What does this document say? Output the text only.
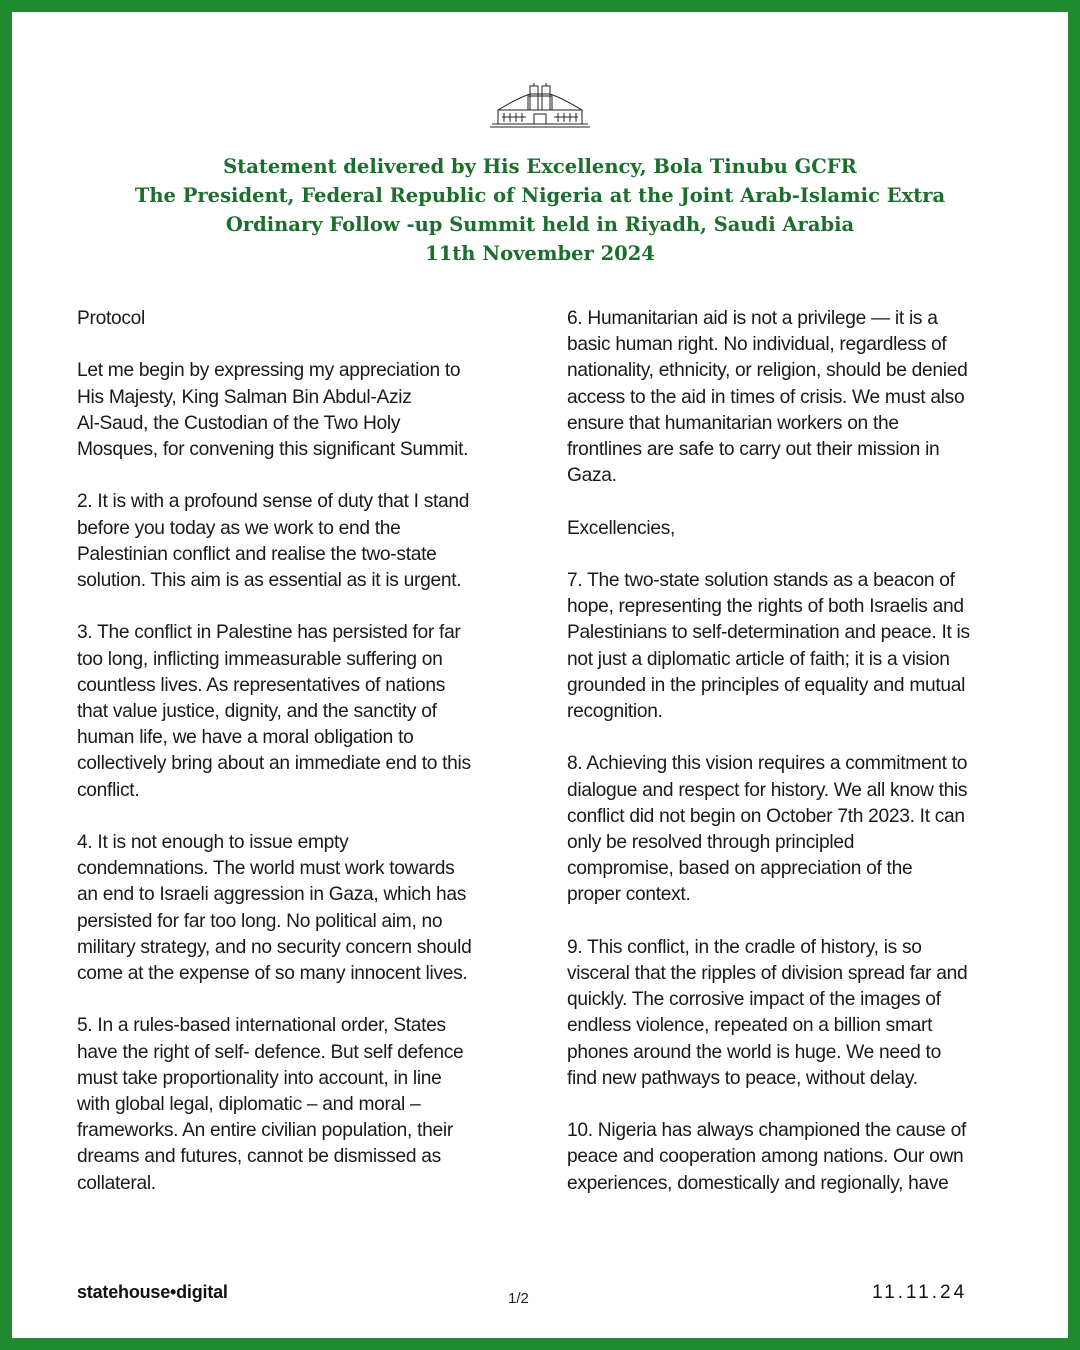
Statement delivered by His Excellency, Bola Tinubu GCFR
The President, Federal Republic of Nigeria at the Joint Arab-Islamic Extra
Ordinary Follow -up Summit held in Riyadh, Saudi Arabia
11th November 2024

Protocol

Let me begin by expressing my appreciation to
His Majesty, King Salman Bin Abdul-Aziz
Al-Saud, the Custodian of the Two Holy
Mosques, for convening this significant Summit.

2. It is with a profound sense of duty that I stand
before you today as we work to end the
Palestinian conflict and realise the two-state
solution. This aim is as essential as it is urgent.

3. The conflict in Palestine has persisted for far
too long, inflicting immeasurable suffering on
countless lives. As representatives of nations
that value justice, dignity, and the sanctity of
human life, we have a moral obligation to
collectively bring about an immediate end to this
conflict.

4. It is not enough to issue empty
condemnations. The world must work towards
an end to Israeli aggression in Gaza, which has
persisted for far too long. No political aim, no
military strategy, and no security concern should
come at the expense of so many innocent lives.

5. In a rules-based international order, States
have the right of self- defence. But self defence
must take proportionality into account, in line
with global legal, diplomatic – and moral –
frameworks. An entire civilian population, their
dreams and futures, cannot be dismissed as
collateral.

6. Humanitarian aid is not a privilege — it is a
basic human right. No individual, regardless of
nationality, ethnicity, or religion, should be denied
access to the aid in times of crisis. We must also
ensure that humanitarian workers on the
frontlines are safe to carry out their mission in
Gaza.

Excellencies,

7. The two-state solution stands as a beacon of
hope, representing the rights of both Israelis and
Palestinians to self-determination and peace. It is
not just a diplomatic article of faith; it is a vision
grounded in the principles of equality and mutual
recognition.

8. Achieving this vision requires a commitment to
dialogue and respect for history. We all know this
conflict did not begin on October 7th 2023. It can
only be resolved through principled
compromise, based on appreciation of the
proper context.

9. This conflict, in the cradle of history, is so
visceral that the ripples of division spread far and
quickly. The corrosive impact of the images of
endless violence, repeated on a billion smart
phones around the world is huge. We need to
find new pathways to peace, without delay.

10. Nigeria has always championed the cause of
peace and cooperation among nations. Our own
experiences, domestically and regionally, have

statehouse•digital	1/2	11.11.24
